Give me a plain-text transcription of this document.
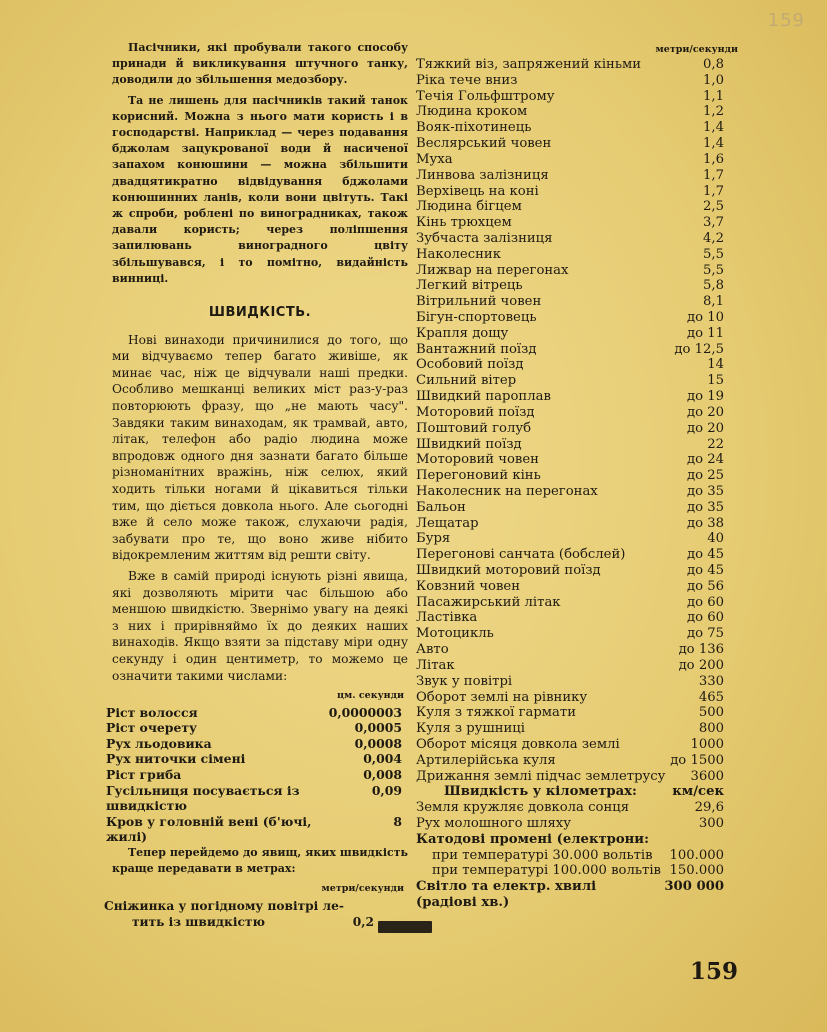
159

Пасічники, які пробували такого способу принади й викликування штучного танку, доводили до збільшення медозбору.

Та не лишень для пасічників такий танок корисний. Можна з нього мати користь і в господарстві. Наприклад — через подавання бджолам зацукрованої води й насиченої запахом конюшини — можна збільшити двадцятикратно відвідування бджолами конюшинних ланів, коли вони цвітуть. Такі ж спроби, роблені по виноградниках, також давали користь; через поліпшення запилювань виноградного цвіту збільшувався, і то помітно, видайність винниці.

ШВИДКІСТЬ.

Нові винаходи причинилися до того, що ми відчуваємо тепер багато живіше, як минає час, ніж це відчували наші предки. Особливо мешканці великих міст раз-у-раз повторюють фразу, що „не мають часу". Завдяки таким винаходам, як трамвай, авто, літак, телефон або радіо людина може впродовж одного дня зазнати багато більше різноманітних вражінь, ніж селюх, який ходить тільки ногами й цікавиться тільки тим, що діється довкола нього. Але сьогодні вже й село може також, слухаючи радія, забувати про те, що воно живе нібито відокремленим життям від решти світу.

Вже в самій природі існують різні явища, які дозволяють мірити час більшою або меншою швидкістю. Звернімо увагу на деякі з них і прирівняймо їх до деяких наших винаходів. Якщо взяти за підставу міри одну секунду і один центиметр, то можемо це означити такими числами:

цм. секунди
Ріст волосся	0,0000003
Ріст очерету	0,0005
Рух льодовика	0,0008
Рух ниточки сімені	0,004
Ріст гриба	0,008
Гусільниця посувається із швидкістю	0,09
Кров у головній вені (б'ючі, жилі)	8

Тепер перейдемо до явищ, яких швидкість краще передавати в метрах:

метри/секунди
Сніжинка у погідному повітрі ле-
тить із швидкістю	0,2
метри/секунди
Тяжкий віз, запряжений кіньми	0,8
Ріка тече вниз	1,0
Течія Гольфштрому	1,1
Людина кроком	1,2
Вояк-піхотинець	1,4
Веслярський човен	1,4
Муха	1,6
Линвова залізниця	1,7
Верхівець на коні	1,7
Людина бігцем	2,5
Кінь трюхцем	3,7
Зубчаста залізниця	4,2
Наколесник	5,5
Лижвар на перегонах	5,5
Легкий вітрець	5,8
Вітрильний човен	8,1
Бігун-спортовець	до 10
Крапля дощу	до 11
Вантажний поїзд	до 12,5
Особовий поїзд	14
Сильний вітер	15
Швидкий пароплав	до 19
Моторовий поїзд	до 20
Поштовий голуб	до 20
Швидкий поїзд	22
Моторовий човен	до 24
Перегоновий кінь	до 25
Наколесник на перегонах	до 35
Бальон	до 35
Лещатар	до 38
Буря	40
Перегонові санчата (бобслей)	до 45
Швидкий моторовий поїзд	до 45
Ковзний човен	до 56
Пасажирський літак	до 60
Ластівка	до 60
Мотоцикль	до 75
Авто	до 136
Літак	до 200
Звук у повітрі	330
Оборот землі на рівнику	465
Куля з тяжкої гармати	500
Куля з рушниці	800
Оборот місяця довкола землі	1000
Артилерійська куля	до 1500
Дрижання землі підчас землетрусу	3600
Швидкість у кілометрах:	км/сек
Земля кружляє довкола сонця	29,6
Рух молошного шляху	300
Катодові промені (електрони:
при температурі 30.000 вольтів	100.000
при температурі 100.000 вольтів	150.000
Світло та електр. хвилі (радіові хв.)	300 000
159
